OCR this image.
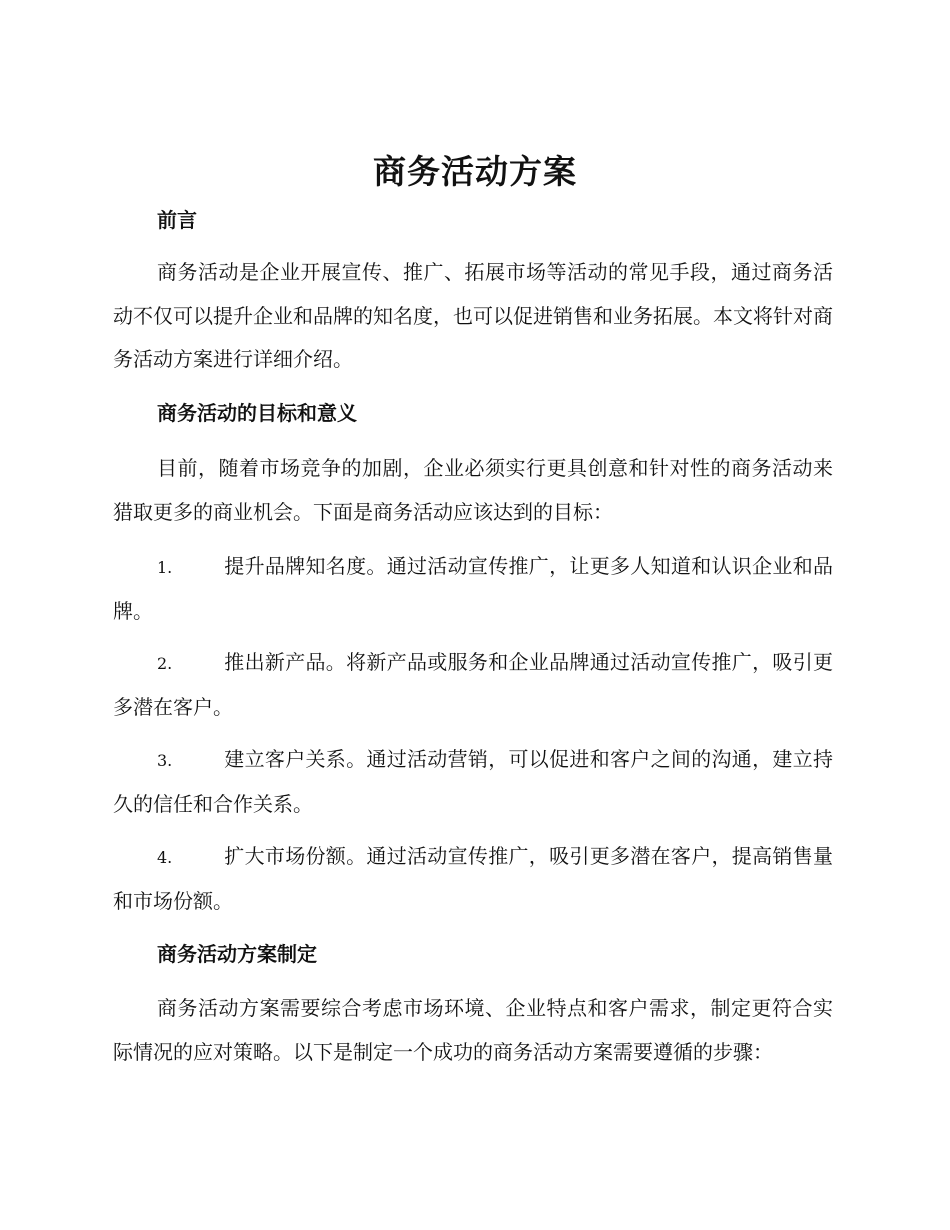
商务活动方案
前言
商务活动是企业开展宣传、推广、拓展市场等活动的常见手段，通过商务活动不仅可以提升企业和品牌的知名度，也可以促进销售和业务拓展。本文将针对商务活动方案进行详细介绍。
商务活动的目标和意义
目前，随着市场竞争的加剧，企业必须实行更具创意和针对性的商务活动来猎取更多的商业机会。下面是商务活动应该达到的目标：
1.	提升品牌知名度。通过活动宣传推广，让更多人知道和认识企业和品牌。
2.	推出新产品。将新产品或服务和企业品牌通过活动宣传推广，吸引更多潜在客户。
3.	建立客户关系。通过活动营销，可以促进和客户之间的沟通，建立持久的信任和合作关系。
4.	扩大市场份额。通过活动宣传推广，吸引更多潜在客户，提高销售量和市场份额。
商务活动方案制定
商务活动方案需要综合考虑市场环境、企业特点和客户需求，制定更符合实际情况的应对策略。以下是制定一个成功的商务活动方案需要遵循的步骤：
